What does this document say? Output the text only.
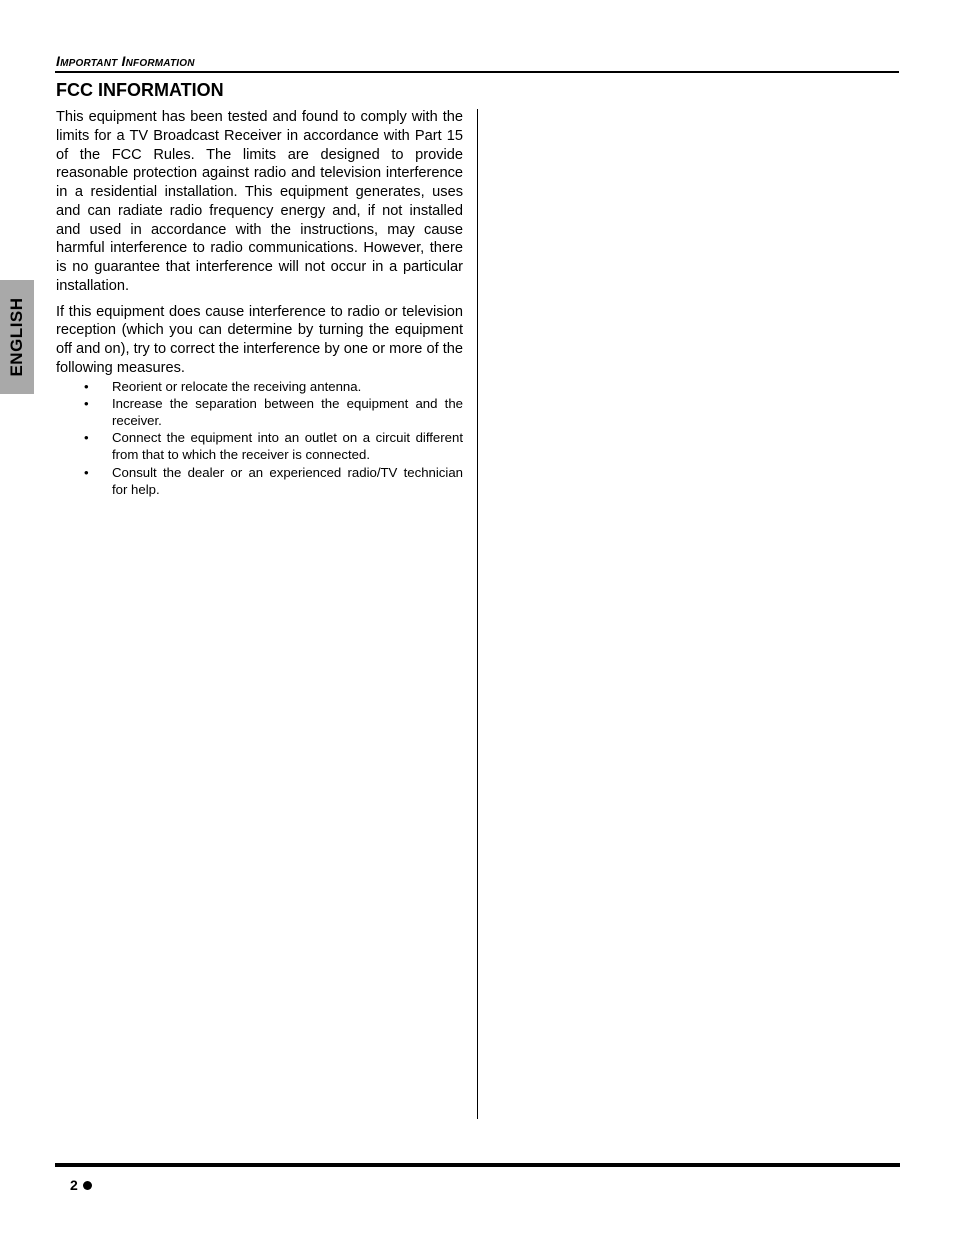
Important Information
FCC INFORMATION
ENGLISH

This equipment has been tested and found to comply with the limits for a TV Broadcast Receiver in accordance with Part 15 of the FCC Rules. The limits are designed to provide reasonable protection against radio and television interference in a residential installation. This equipment generates, uses and can radiate radio frequency energy and, if not installed and used in accordance with the instructions, may cause harmful interference to radio communications. However, there is no guarantee that interference will not occur in a particular installation.

If this equipment does cause interference to radio or television reception (which you can determine by turning the equipment off and on), try to correct the interference by one or more of the following measures.

• Reorient or relocate the receiving antenna.
• Increase the separation between the equipment and the receiver.
• Connect the equipment into an outlet on a circuit different from that to which the receiver is connected.
• Consult the dealer or an experienced radio/TV technician for help.
2
